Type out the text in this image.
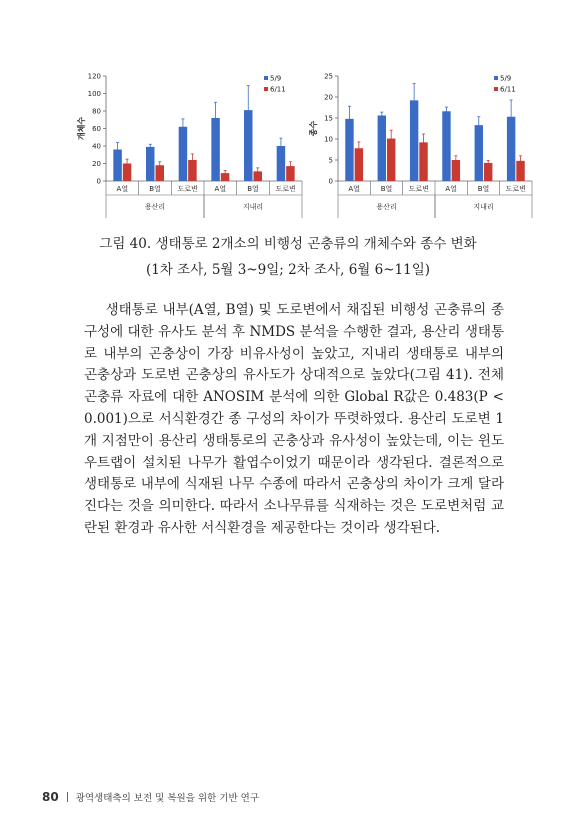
0
20
40
60
80
100
120
개체수
용산리	지내리
A열	B열 도로변 A열	B열 도로변
5/9
6/11
0
5
10
15
20
25
종수
용산리	지내리
A열	B열 도로변 A열	B열 도로변
5/9
6/11
그림 40. 생태통로 2개소의 비행성 곤충류의 개체수와 종수 변화
(1차 조사, 5월 3~9일; 2차 조사, 6월 6~11일)

생태통로 내부(A열, B열) 및 도로변에서 채집된 비행성 곤충류의 종 구성에 대한 유사도 분석 후 NMDS 분석을 수행한 결과, 용산리 생태통로 내부의 곤충상이 가장 비유사성이 높았고, 지내리 생태통로 내부의 곤충상과 도로변 곤충상의 유사도가 상대적으로 높았다(그림 41). 전체 곤충류 자료에 대한 ANOSIM 분석에 의한 Global R값은 0.483(P < 0.001)으로 서식환경간 종 구성의 차이가 뚜렷하였다. 용산리 도로변 1개 지점만이 용산리 생태통로의 곤충상과 유사성이 높았는데, 이는 윈도우트랩이 설치된 나무가 활엽수이었기 때문이라 생각된다. 결론적으로 생태통로 내부에 식재된 나무 수종에 따라서 곤충상의 차이가 크게 달라진다는 것을 의미한다. 따라서 소나무류를 식재하는 것은 도로변처럼 교란된 환경과 유사한 서식환경을 제공한다는 것이라 생각된다.

80 광역생태축의 보전 및 복원을 위한 기반 연구
